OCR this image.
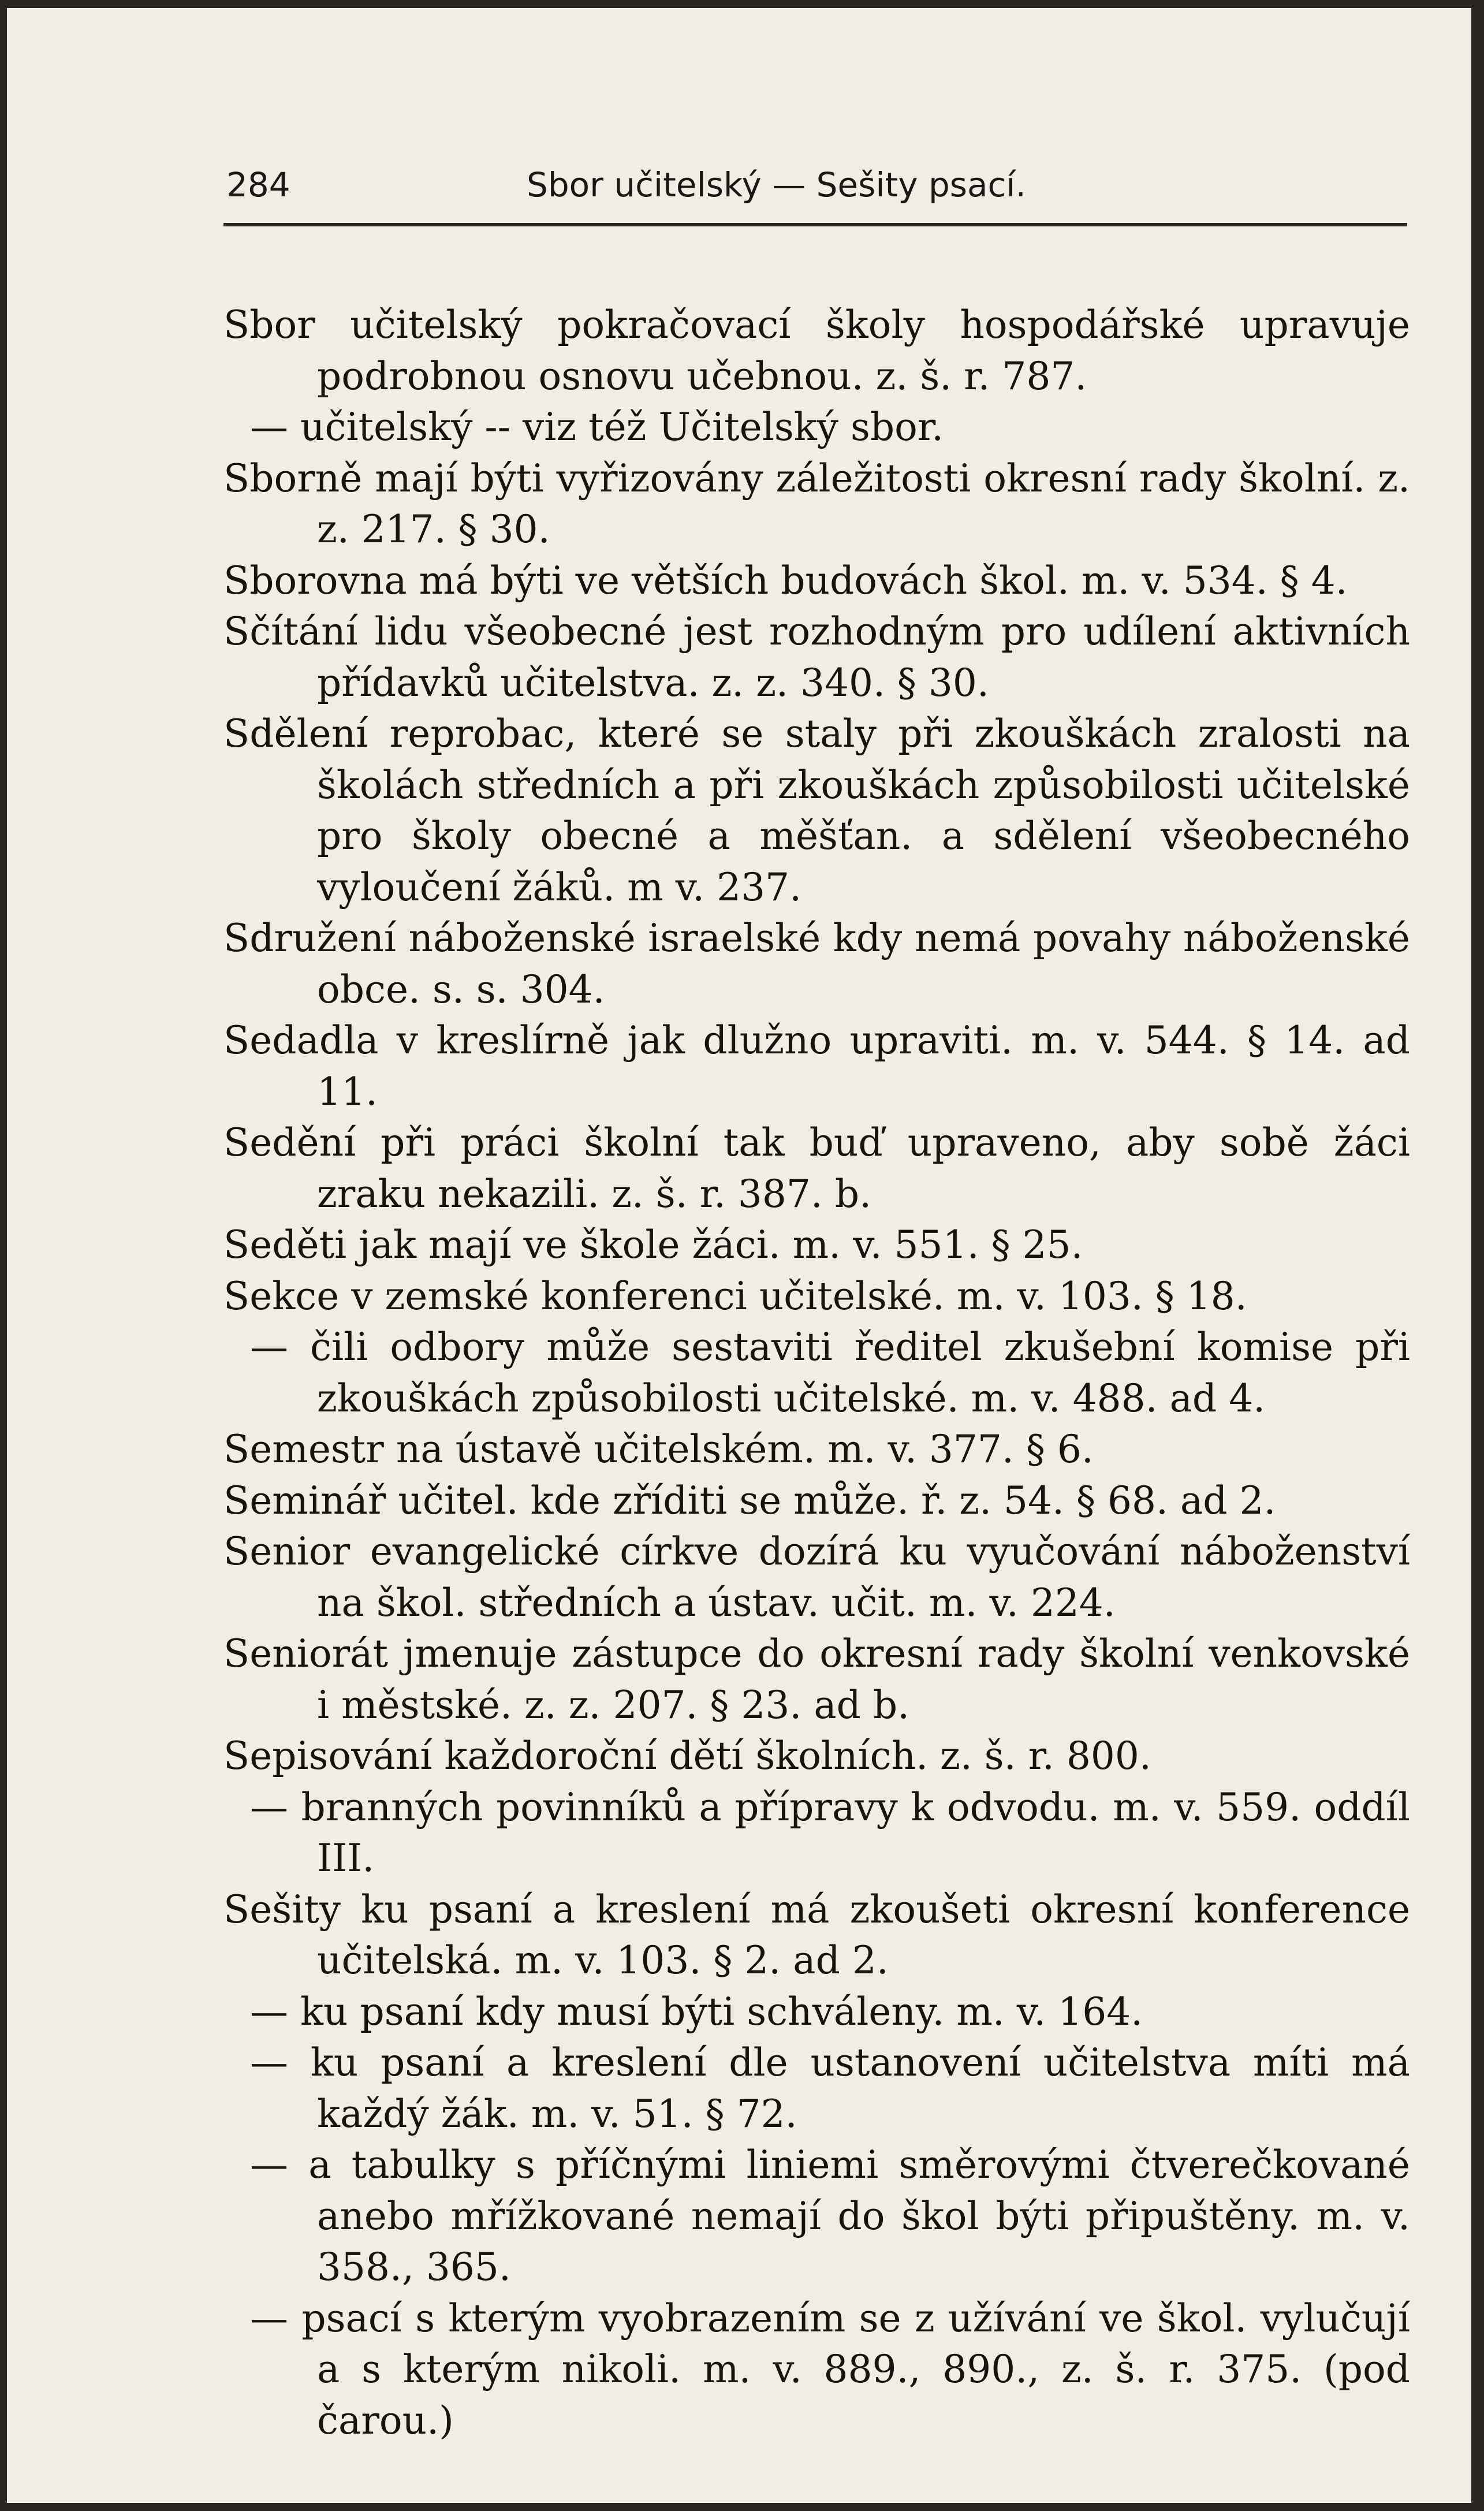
284	Sbor učitelský — Sešity psací.
Sbor učitelský pokračovací školy hospodářské upravuje podrobnou osnovu učebnou. z. š. r. 787.
— učitelský -- viz též Učitelský sbor.
Sborně mají býti vyřizovány záležitosti okresní rady školní. z. z. 217. § 30.
Sborovna má býti ve větších budovách škol. m. v. 534. § 4.
Sčítání lidu všeobecné jest rozhodným pro udílení aktivních přídavků učitelstva. z. z. 340. § 30.
Sdělení reprobac, které se staly při zkouškách zralosti na školách středních a při zkouškách způsobilosti učitelské pro školy obecné a měšťan. a sdělení všeobecného vyloučení žáků. m v. 237.
Sdružení náboženské israelské kdy nemá povahy náboženské obce. s. s. 304.
Sedadla v kreslírně jak dlužno upraviti. m. v. 544. § 14. ad 11.
Sedění při práci školní tak buď upraveno, aby sobě žáci zraku nekazili. z. š. r. 387. b.
Seděti jak mají ve škole žáci. m. v. 551. § 25.
Sekce v zemské konferenci učitelské. m. v. 103. § 18.
— čili odbory může sestaviti ředitel zkušební komise při zkouškách způsobilosti učitelské. m. v. 488. ad 4.
Semestr na ústavě učitelském. m. v. 377. § 6.
Seminář učitel. kde zříditi se může. ř. z. 54. § 68. ad 2.
Senior evangelické církve dozírá ku vyučování náboženství na škol. středních a ústav. učit. m. v. 224.
Seniorát jmenuje zástupce do okresní rady školní venkovské i městské. z. z. 207. § 23. ad b.
Sepisování každoroční dětí školních. z. š. r. 800.
— branných povinníků a přípravy k odvodu. m. v. 559. oddíl III.
Sešity ku psaní a kreslení má zkoušeti okresní konference učitelská. m. v. 103. § 2. ad 2.
— ku psaní kdy musí býti schváleny. m. v. 164.
— ku psaní a kreslení dle ustanovení učitelstva míti má každý žák. m. v. 51. § 72.
— a tabulky s příčnými liniemi směrovými čtverečkované anebo mřížkované nemají do škol býti připuštěny. m. v. 358., 365.
— psací s kterým vyobrazením se z užívání ve škol. vylučují a s kterým nikoli. m. v. 889., 890., z. š. r. 375. (pod čarou.)
